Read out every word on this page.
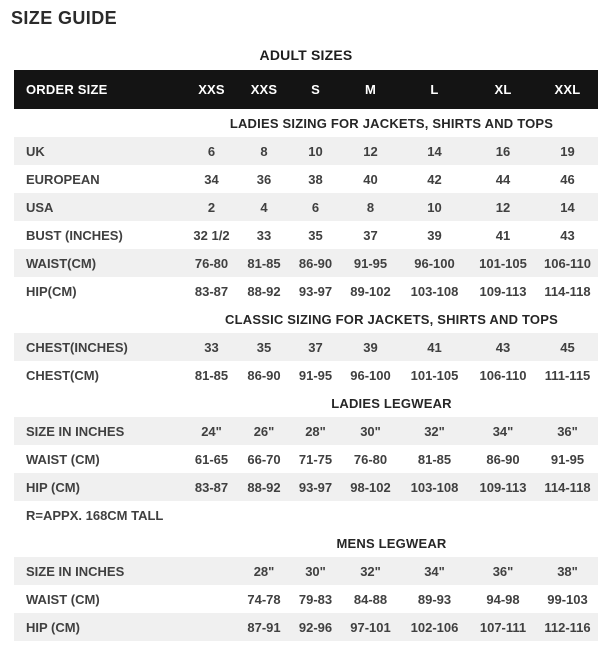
SIZE GUIDE
ADULT SIZES
ORDER SIZE	XXS	XXS	S	M	L	XL	XXL
	LADIES SIZING FOR JACKETS, SHIRTS AND TOPS						
UK	6	8	10	12	14	16	19
EUROPEAN	34	36	38	40	42	44	46
USA	2	4	6	8	10	12	14
BUST (INCHES)	32 1/2	33	35	37	39	41	43
WAIST(CM)	76-80	81-85	86-90	91-95	96-100	101-105	106-110
HIP(CM)	83-87	88-92	93-97	89-102	103-108	109-113	114-118
	CLASSIC SIZING FOR JACKETS, SHIRTS AND TOPS						
CHEST(INCHES)	33	35	37	39	41	43	45
CHEST(CM)	81-85	86-90	91-95	96-100	101-105	106-110	111-115
	LADIES LEGWEAR						
SIZE IN INCHES	24"	26"	28"	30"	32"	34"	36"
WAIST (CM)	61-65	66-70	71-75	76-80	81-85	86-90	91-95
HIP (CM)	83-87	88-92	93-97	98-102	103-108	109-113	114-118
R=APPX. 168CM TALL							
	MENS LEGWEAR						
SIZE IN INCHES		28"	30"	32"	34"	36"	38"
WAIST (CM)		74-78	79-83	84-88	89-93	94-98	99-103
HIP (CM)		87-91	92-96	97-101	102-106	107-111	112-116
